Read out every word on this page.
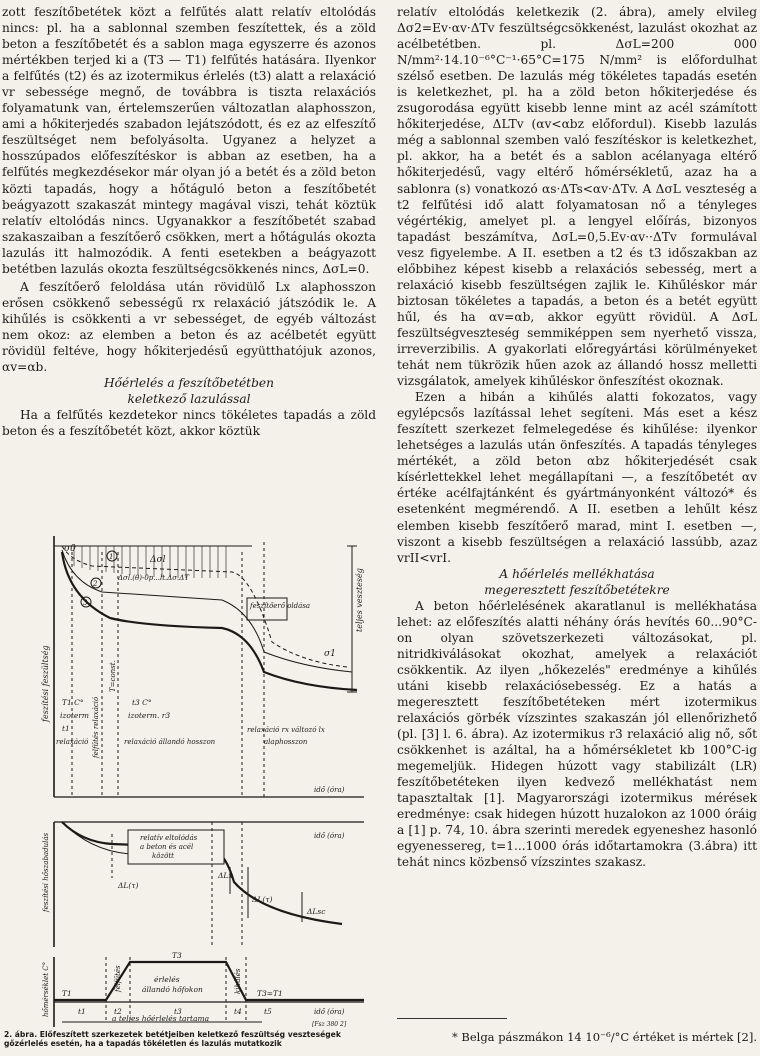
zott feszítőbetétek közt a felfűtés alatt relatív eltolódás nincs: pl. ha a sablonnal szemben feszítettek, és a zöld beton a feszítőbetét és a sablon maga egyszerre és azonos mértékben terjed ki a (T3 — T1) felfűtés hatására. Ilyenkor a felfűtés (t2) és az izotermikus érlelés (t3) alatt a relaxáció vr sebessége megnő, de továbbra is tiszta relaxációs folyamatunk van, értelemszerűen változatlan alaphosszon, ami a hőkiterjedés szabadon lejátszódott, és ez az elfeszítő feszültséget nem befolyásolta. Ugyanez a helyzet a hosszúpados előfeszítéskor is abban az esetben, ha a felfűtés megkezdésekor már olyan jó a betét és a zöld beton közti tapadás, hogy a hőtáguló beton a feszítőbetét beágyazott szakaszát mintegy magával viszi, tehát köztük relatív eltolódás nincs. Ugyanakkor a feszítőbetét szabad szakaszaiban a feszítőerő csökken, mert a hőtágulás okozta lazulás itt halmozódik. A fenti esetekben a beágyazott betétben lazulás okozta feszültségcsökkenés nincs, ΔσL=0.

A feszítőerő feloldása után rövidülő Lx alaphosszon erősen csökkenő sebességű rx relaxáció játszódik le. A kihűlés is csökkenti a vr sebességet, de egyéb változást nem okoz: az elemben a beton és az acélbetét együtt rövidül feltéve, hogy hőkiterjedésű együtthatójuk azonos, αv=αb.

Hőérlelés a feszítőbetétben
keletkező lazulással

Ha a felfűtés kezdetekor nincs tökéletes tapadás a zöld beton és a feszítőbetét közt, akkor köztük

σ0
Δσl
Δσl.(θ)-0p...lt.Δσ.ΔT
feszítőerő oldása
1
2
3
σ1
T1 C°
izoterm
t1
relaxáció
t3 C°
izoterm. r3
relaxáció állandó hosszon
relaxáció rx változó lx
alaphosszon
idő (óra)
relatív eltolódás
a beton és acél
között
idő (óra)
ΔL(τ)
ΔL(τ)
ΔLx
ΔLsc
érlelés
állandó hőfokon
T3
T1	T3=T1
idő (óra)
a teljes hőérlelés tartama
feszítési feszültség
teljes veszteség
T=const.
felfűtés relaxáció
feszítési hőszabadulás
hőmérséklet C°	felfűtés	kihűlés
t1	t2	t3	t4	t5
[Fsz 380 2]
2. ábra. Előfeszített szerkezetek betétjeiben keletkező feszültség veszteségek gőzérlelés esetén, ha a tapadás tökéletlen és lazulás mutatkozik

relatív eltolódás keletkezik (2. ábra), amely elvileg Δσ2=Ev·αv·ΔTv feszültségcsökkenést, lazulást okozhat az acélbetétben. pl. ΔσL=200 000 N/mm²·14.10⁻⁶°C⁻¹·65°C=175 N/mm² is előfordulhat szélső esetben. De lazulás még tökéletes tapadás esetén is keletkezhet, pl. ha a zöld beton hőkiterjedése és zsugorodása együtt kisebb lenne mint az acél számított hőkiterjedése, ΔLTv (αv<αbz előfordul). Kisebb lazulás még a sablonnal szemben való feszítéskor is keletkezhet, pl. akkor, ha a betét és a sablon acélanyaga eltérő hőkiterjedésű, vagy eltérő hőmérsékletű, azaz ha a sablonra (s) vonatkozó αs·ΔTs<αv·ΔTv. A ΔσL veszteség a t2 felfűtési idő alatt folyamatosan nő a tényleges végértékig, amelyet pl. a lengyel előírás, bizonyos tapadást beszámítva, ΔσL=0,5.Ev·αv··ΔTv formulával vesz figyelembe. A II. esetben a t2 és t3 időszakban az előbbihez képest kisebb a relaxációs sebesség, mert a relaxáció kisebb feszültségen zajlik le. Kihűléskor már biztosan tökéletes a tapadás, a beton és a betét együtt hűl, és ha αv=αb, akkor együtt rövidül. A ΔσL feszültségveszteség semmiképpen sem nyerhető vissza, irreverzibilis. A gyakorlati előregyártási körülményeket tehát nem tükrözik hűen azok az állandó hossz melletti vizsgálatok, amelyek kihűléskor önfeszítést okoznak.

Ezen a hibán a kihűlés alatti fokozatos, vagy egylépcsős lazítással lehet segíteni. Más eset a kész feszített szerkezet felmelegedése és kihűlése: ilyenkor lehetséges a lazulás után önfeszítés. A tapadás tényleges mértékét, a zöld beton αbz hőkiterjedését csak kísérlettekkel lehet megállapítani —, a feszítőbetét αv értéke acélfajtánként és gyártmányonként változó* és esetenként megmérendő. A II. esetben a lehűlt kész elemben kisebb feszítőerő marad, mint I. esetben —, viszont a kisebb feszültségen a relaxáció lassúbb, azaz vrII<vrI.

A hőérlelés mellékhatása
megeresztett feszítőbetétekre

A beton hőérlelésének akaratlanul is mellékhatása lehet: az előfeszítés alatti néhány órás hevítés 60...90°C-on olyan szövetszerkezeti változásokat, pl. nitridkiválásokat okozhat, amelyek a relaxációt csökkentik. Az ilyen „hőkezelés" eredménye a kihűlés utáni kisebb relaxációsebesség. Ez a hatás a megeresztett feszítőbetéteken mért izotermikus relaxációs görbék vízszintes szakaszán jól ellenőrizhető (pl. [3] l. 6. ábra). Az izotermikus r3 relaxáció alig nő, sőt csökkenhet is azáltal, ha a hőmérsékletet kb 100°C-ig megemeljük. Hidegen húzott vagy stabilizált (LR) feszítőbetéteken ilyen kedvező mellékhatást nem tapasztaltak [1]. Magyarországi izotermikus mérések eredménye: csak hidegen húzott huzalokon az 1000 óráig a [1] p. 74, 10. ábra szerinti meredek egyeneshez hasonló egyenessereg, t=1...1000 órás időtartamokra (3.ábra) itt tehát nincs közbenső vízszintes szakasz.

* Belga pászmákon 14 10⁻⁶/°C értéket is mértek [2].
